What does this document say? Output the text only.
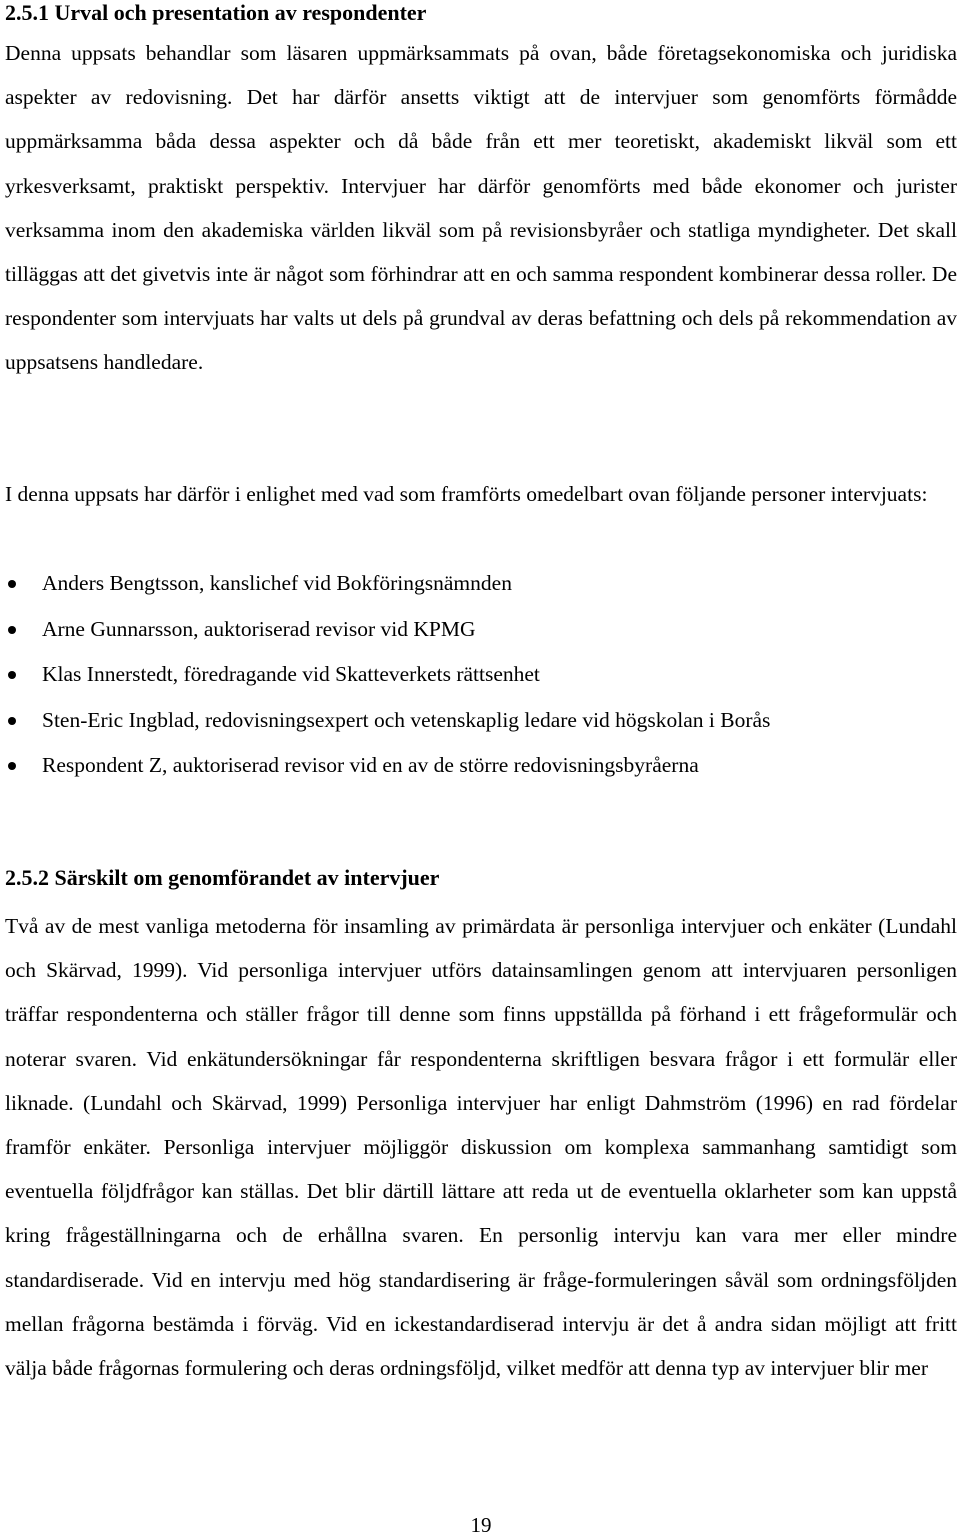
2.5.1 Urval och presentation av respondenter

Denna uppsats behandlar som läsaren uppmärksammats på ovan, både företagsekonomiska och juridiska aspekter av redovisning. Det har därför ansetts viktigt att de intervjuer som genomförts förmådde uppmärksamma båda dessa aspekter och då både från ett mer teoretiskt, akademiskt likväl som ett yrkesverksamt, praktiskt perspektiv. Intervjuer har därför genomförts med både ekonomer och jurister verksamma inom den akademiska världen likväl som på revisionsbyråer och statliga myndigheter. Det skall tilläggas att det givetvis inte är något som förhindrar att en och samma respondent kombinerar dessa roller. De respondenter som intervjuats har valts ut dels på grundval av deras befattning och dels på rekommendation av uppsatsens handledare.

I denna uppsats har därför i enlighet med vad som framförts omedelbart ovan följande personer intervjuats:

Anders Bengtsson, kanslichef vid Bokföringsnämnden
Arne Gunnarsson, auktoriserad revisor vid KPMG
Klas Innerstedt, föredragande vid Skatteverkets rättsenhet
Sten-Eric Ingblad, redovisningsexpert och vetenskaplig ledare vid högskolan i Borås
Respondent Z, auktoriserad revisor vid en av de större redovisningsbyråerna
2.5.2 Särskilt om genomförandet av intervjuer

Två av de mest vanliga metoderna för insamling av primärdata är personliga intervjuer och enkäter (Lundahl och Skärvad, 1999). Vid personliga intervjuer utförs datainsamlingen genom att intervjuaren personligen träffar respondenterna och ställer frågor till denne som finns uppställda på förhand i ett frågeformulär och noterar svaren. Vid enkätundersökningar får respondenterna skriftligen besvara frågor i ett formulär eller liknade. (Lundahl och Skärvad, 1999) Personliga intervjuer har enligt Dahmström (1996) en rad fördelar framför enkäter. Personliga intervjuer möjliggör diskussion om komplexa sammanhang samtidigt som eventuella följdfrågor kan ställas. Det blir därtill lättare att reda ut de eventuella oklarheter som kan uppstå kring frågeställningarna och de erhållna svaren. En personlig intervju kan vara mer eller mindre standardiserade. Vid en intervju med hög standardisering är fråge-formuleringen såväl som ordningsföljden mellan frågorna bestämda i förväg. Vid en ickestandardiserad intervju är det å andra sidan möjligt att fritt välja både frågornas formulering och deras ordningsföljd, vilket medför att denna typ av intervjuer blir mer

19
